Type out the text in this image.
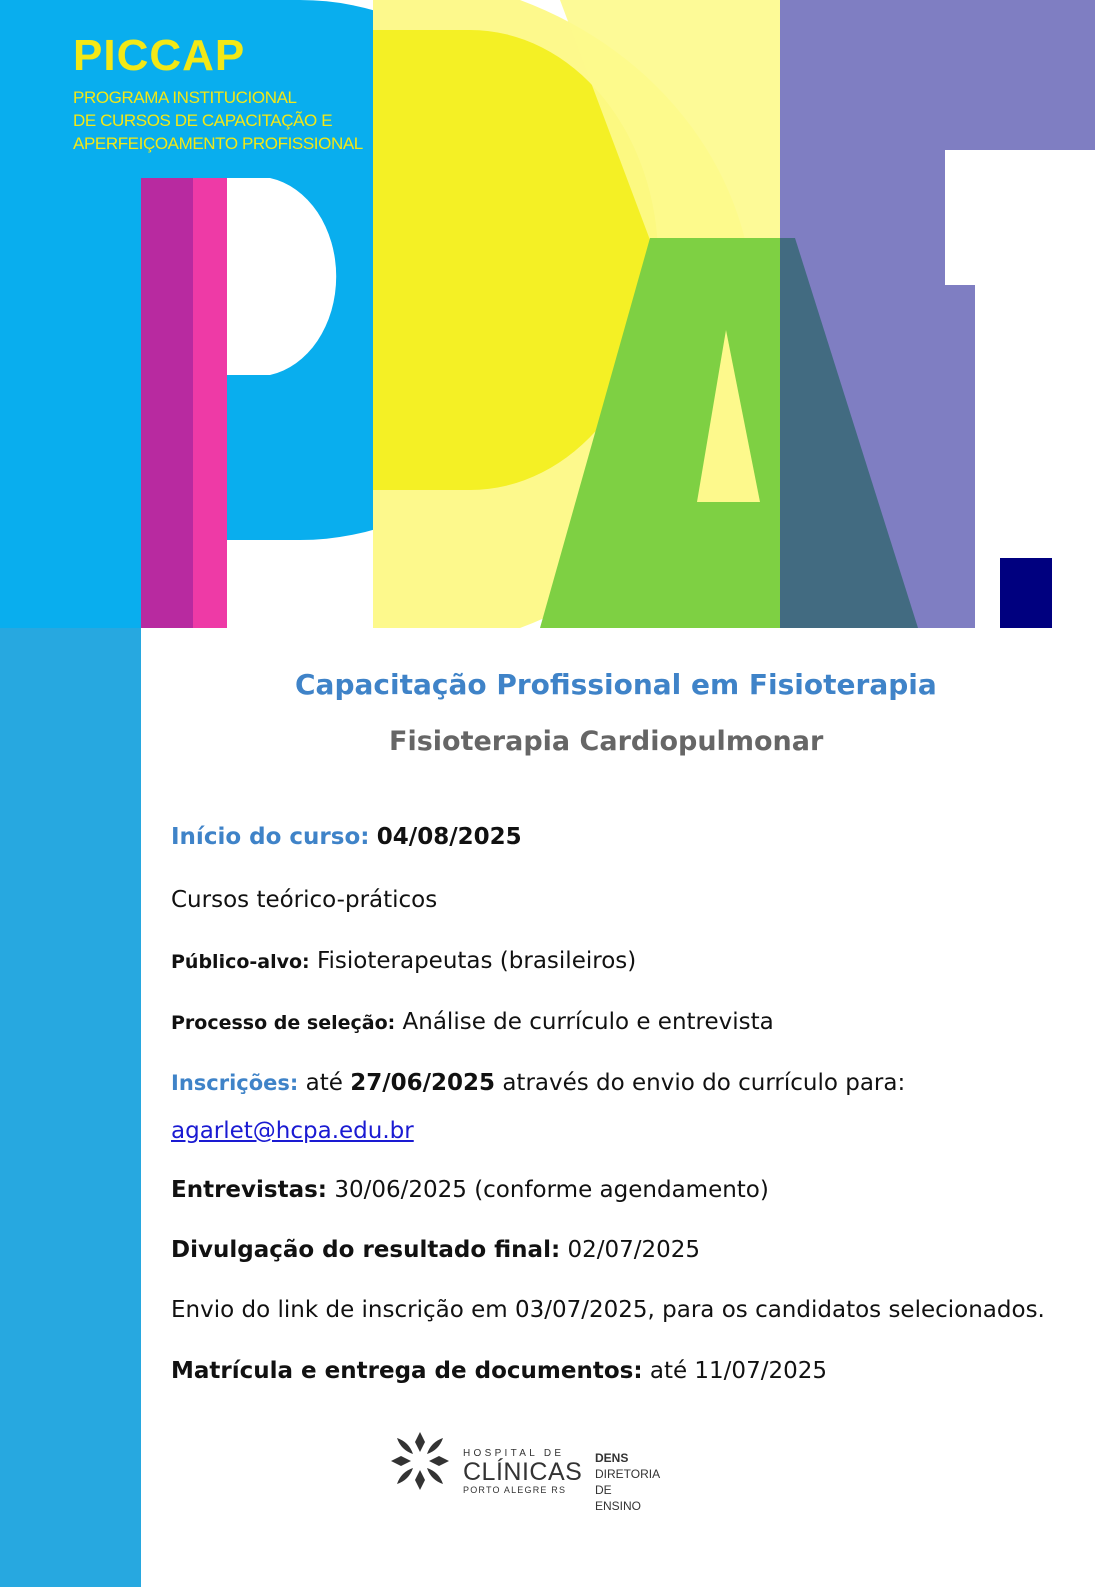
PICCAP
PROGRAMA INSTITUCIONAL
DE CURSOS DE CAPACITAÇÃO E
APERFEIÇOAMENTO PROFISSIONAL
Capacitação Profissional em Fisioterapia
Fisioterapia Cardiopulmonar
Início do curso: 04/08/2025
Cursos teórico-práticos
Público-alvo: Fisioterapeutas (brasileiros)
Processo de seleção: Análise de currículo e entrevista
Inscrições: até 27/06/2025 através do envio do currículo para:
agarlet@hcpa.edu.br
Entrevistas: 30/06/2025 (conforme agendamento)
Divulgação do resultado final: 02/07/2025
Envio do link de inscrição em 03/07/2025, para os candidatos selecionados.
Matrícula e entrega de documentos: até 11/07/2025
HOSPITAL DE
CLÍNICAS
PORTO ALEGRE RS
DENS
DIRETORIA DE ENSINO
